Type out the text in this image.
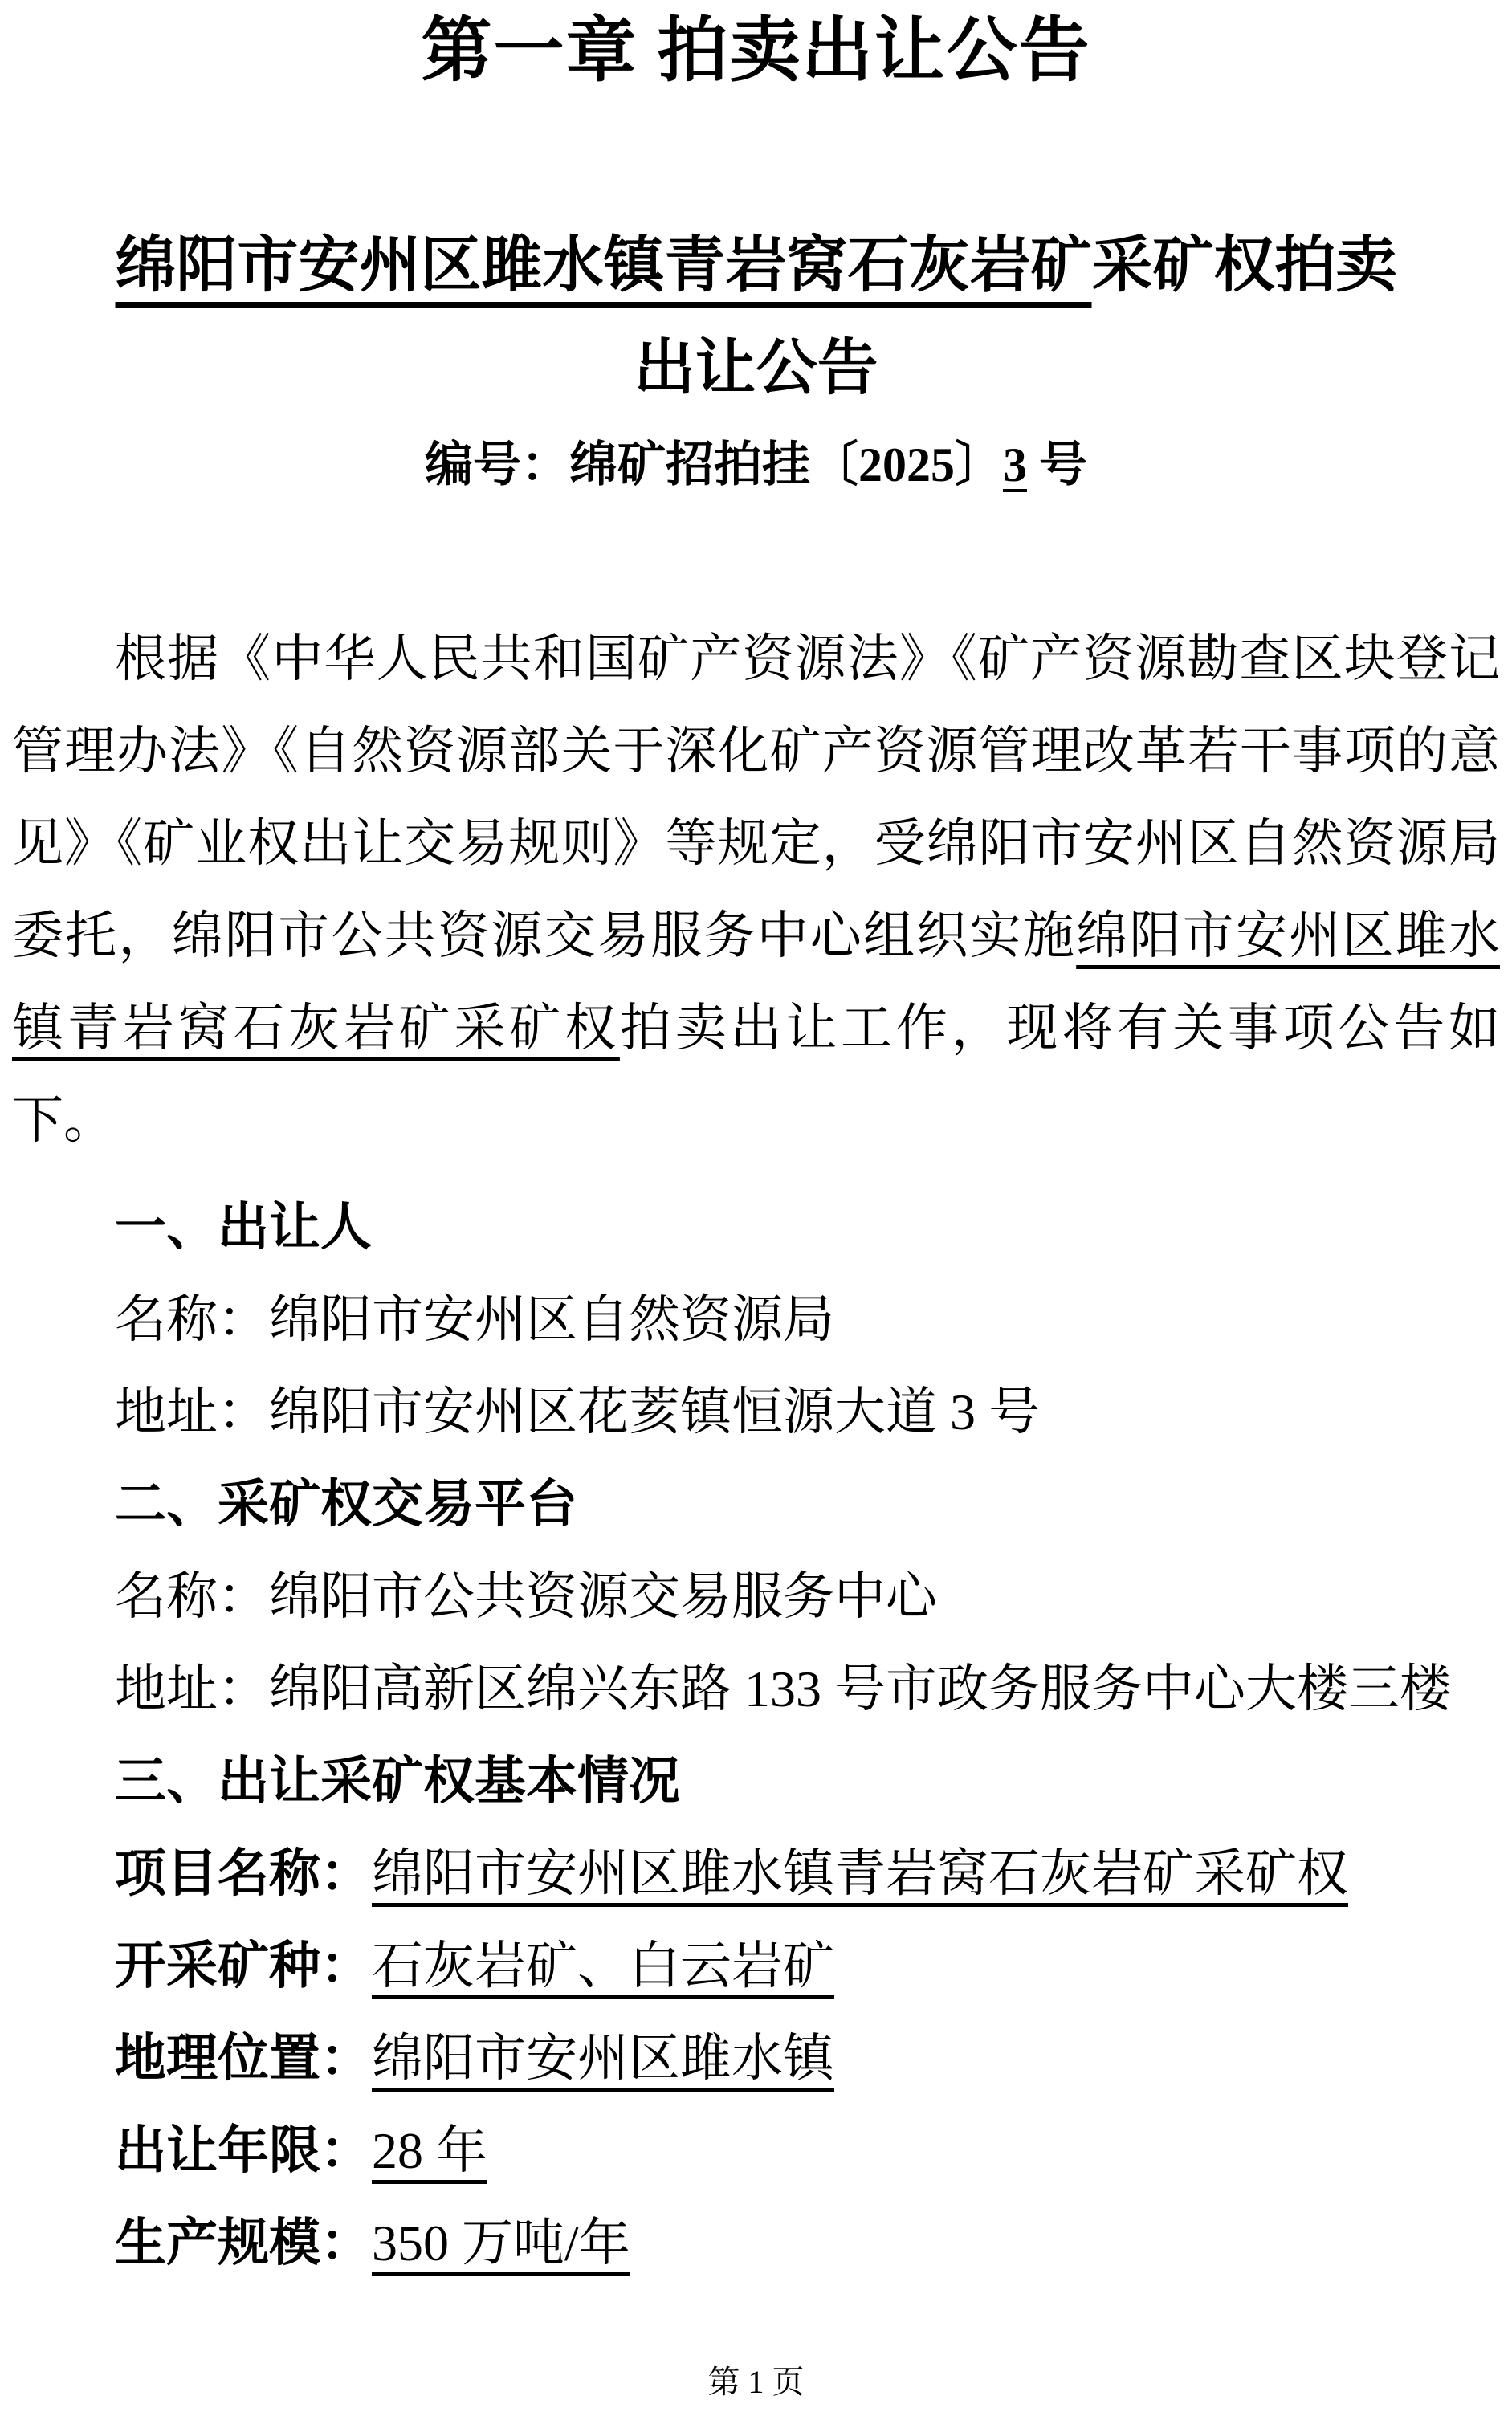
第一章 拍卖出让公告
绵阳市安州区雎水镇青岩窝石灰岩矿采矿权拍卖
出让公告
编号：绵矿招拍挂〔2025〕3 号

根据《中华人民共和国矿产资源法》《矿产资源勘查区块登记管理办法》《自然资源部关于深化矿产资源管理改革若干事项的意见》《矿业权出让交易规则》等规定，受绵阳市安州区自然资源局委托，绵阳市公共资源交易服务中心组织实施绵阳市安州区雎水镇青岩窝石灰岩矿采矿权拍卖出让工作，现将有关事项公告如下。

一、出让人
名称：绵阳市安州区自然资源局
地址：绵阳市安州区花荄镇恒源大道 3 号
二、采矿权交易平台
名称：绵阳市公共资源交易服务中心
地址：绵阳高新区绵兴东路 133 号市政务服务中心大楼三楼
三、出让采矿权基本情况
项目名称：绵阳市安州区雎水镇青岩窝石灰岩矿采矿权
开采矿种：石灰岩矿、白云岩矿
地理位置：绵阳市安州区雎水镇
出让年限：28 年
生产规模：350 万吨/年
第 1 页
